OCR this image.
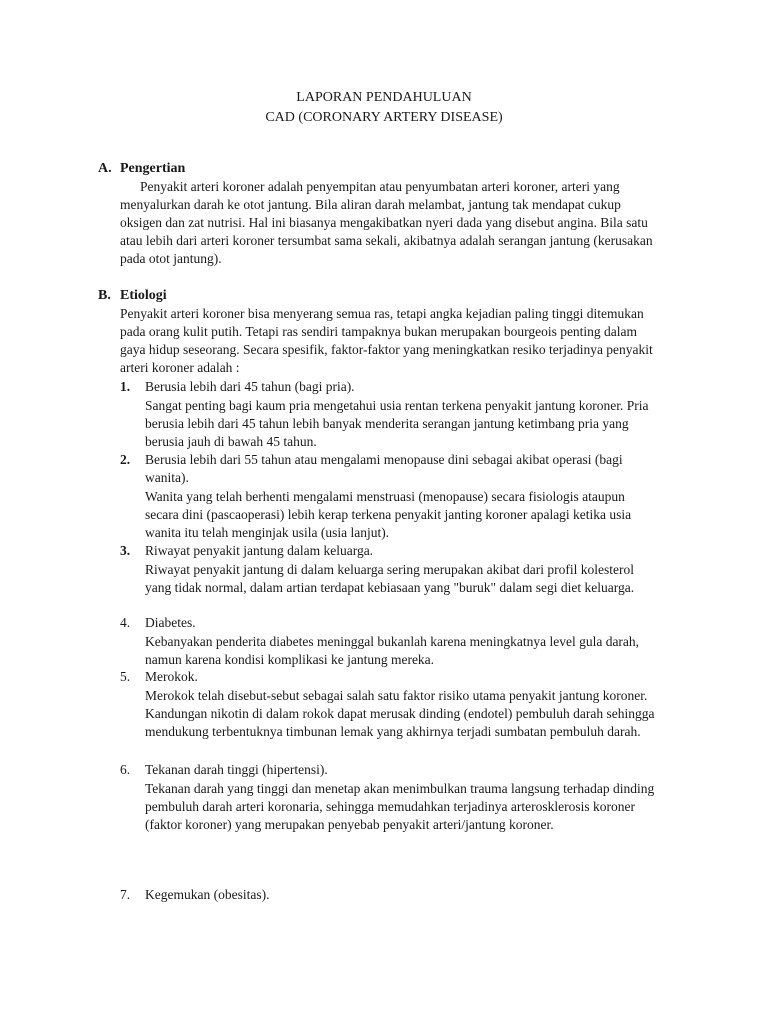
LAPORAN PENDAHULUAN
CAD (CORONARY ARTERY DISEASE)
A. Pengertian

Penyakit arteri koroner adalah penyempitan atau penyumbatan arteri koroner, arteri yang menyalurkan darah ke otot jantung. Bila aliran darah melambat, jantung tak mendapat cukup oksigen dan zat nutrisi. Hal ini biasanya mengakibatkan nyeri dada yang disebut angina. Bila satu atau lebih dari arteri koroner tersumbat sama sekali, akibatnya adalah serangan jantung (kerusakan pada otot jantung).

B. Etiologi

Penyakit arteri koroner bisa menyerang semua ras, tetapi angka kejadian paling tinggi ditemukan pada orang kulit putih. Tetapi ras sendiri tampaknya bukan merupakan bourgeois penting dalam gaya hidup seseorang. Secara spesifik, faktor-faktor yang meningkatkan resiko terjadinya penyakit arteri koroner adalah :

1.	Berusia lebih dari 45 tahun (bagi pria).
Sangat penting bagi kaum pria mengetahui usia rentan terkena penyakit jantung koroner. Pria berusia lebih dari 45 tahun lebih banyak menderita serangan jantung ketimbang pria yang berusia jauh di bawah 45 tahun.
2.	Berusia lebih dari 55 tahun atau mengalami menopause dini sebagai akibat operasi (bagi wanita).
Wanita yang telah berhenti mengalami menstruasi (menopause) secara fisiologis ataupun secara dini (pascaoperasi) lebih kerap terkena penyakit janting koroner apalagi ketika usia wanita itu telah menginjak usila (usia lanjut).
3.	Riwayat penyakit jantung dalam keluarga.
Riwayat penyakit jantung di dalam keluarga sering merupakan akibat dari profil kolesterol yang tidak normal, dalam artian terdapat kebiasaan yang "buruk" dalam segi diet keluarga.
4.	Diabetes.
Kebanyakan penderita diabetes meninggal bukanlah karena meningkatnya level gula darah, namun karena kondisi komplikasi ke jantung mereka.
5.	Merokok.
Merokok telah disebut-sebut sebagai salah satu faktor risiko utama penyakit jantung koroner. Kandungan nikotin di dalam rokok dapat merusak dinding (endotel) pembuluh darah sehingga mendukung terbentuknya timbunan lemak yang akhirnya terjadi sumbatan pembuluh darah.
6.	Tekanan darah tinggi (hipertensi).
Tekanan darah yang tinggi dan menetap akan menimbulkan trauma langsung terhadap dinding pembuluh darah arteri koronaria, sehingga memudahkan terjadinya arterosklerosis koroner (faktor koroner) yang merupakan penyebab penyakit arteri/jantung koroner.
7.	Kegemukan (obesitas).
